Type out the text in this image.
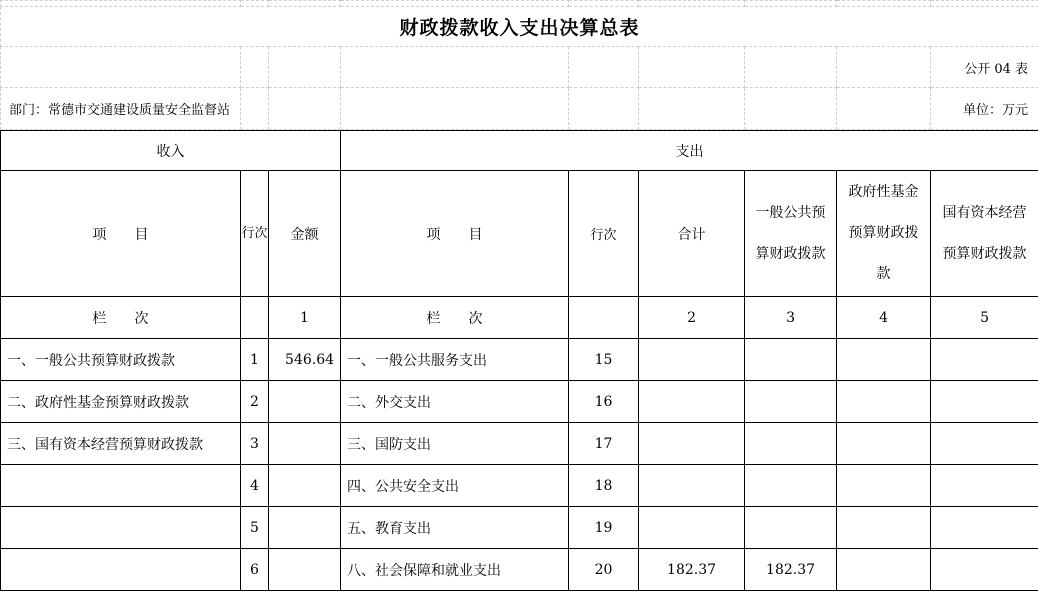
财政拨款收入支出决算总表								
								公开 04 表
部门：常德市交通建设质量安全监督站								单位：万元
收入			支出					
项　　目	行次	金额	项　　目	行次	合计	一般公共预算财政拨款	政府性基金预算财政拨款	国有资本经营预算财政拨款
栏　　次		1	栏　　次		2	3	4	5
一、一般公共预算财政拨款	1	546.64	一、一般公共服务支出	15				
二、政府性基金预算财政拨款	2		二、外交支出	16				
三、国有资本经营预算财政拨款	3		三、国防支出	17				
	4		四、公共安全支出	18				
	5		五、教育支出	19				
	6		八、社会保障和就业支出	20	182.37	182.37		
